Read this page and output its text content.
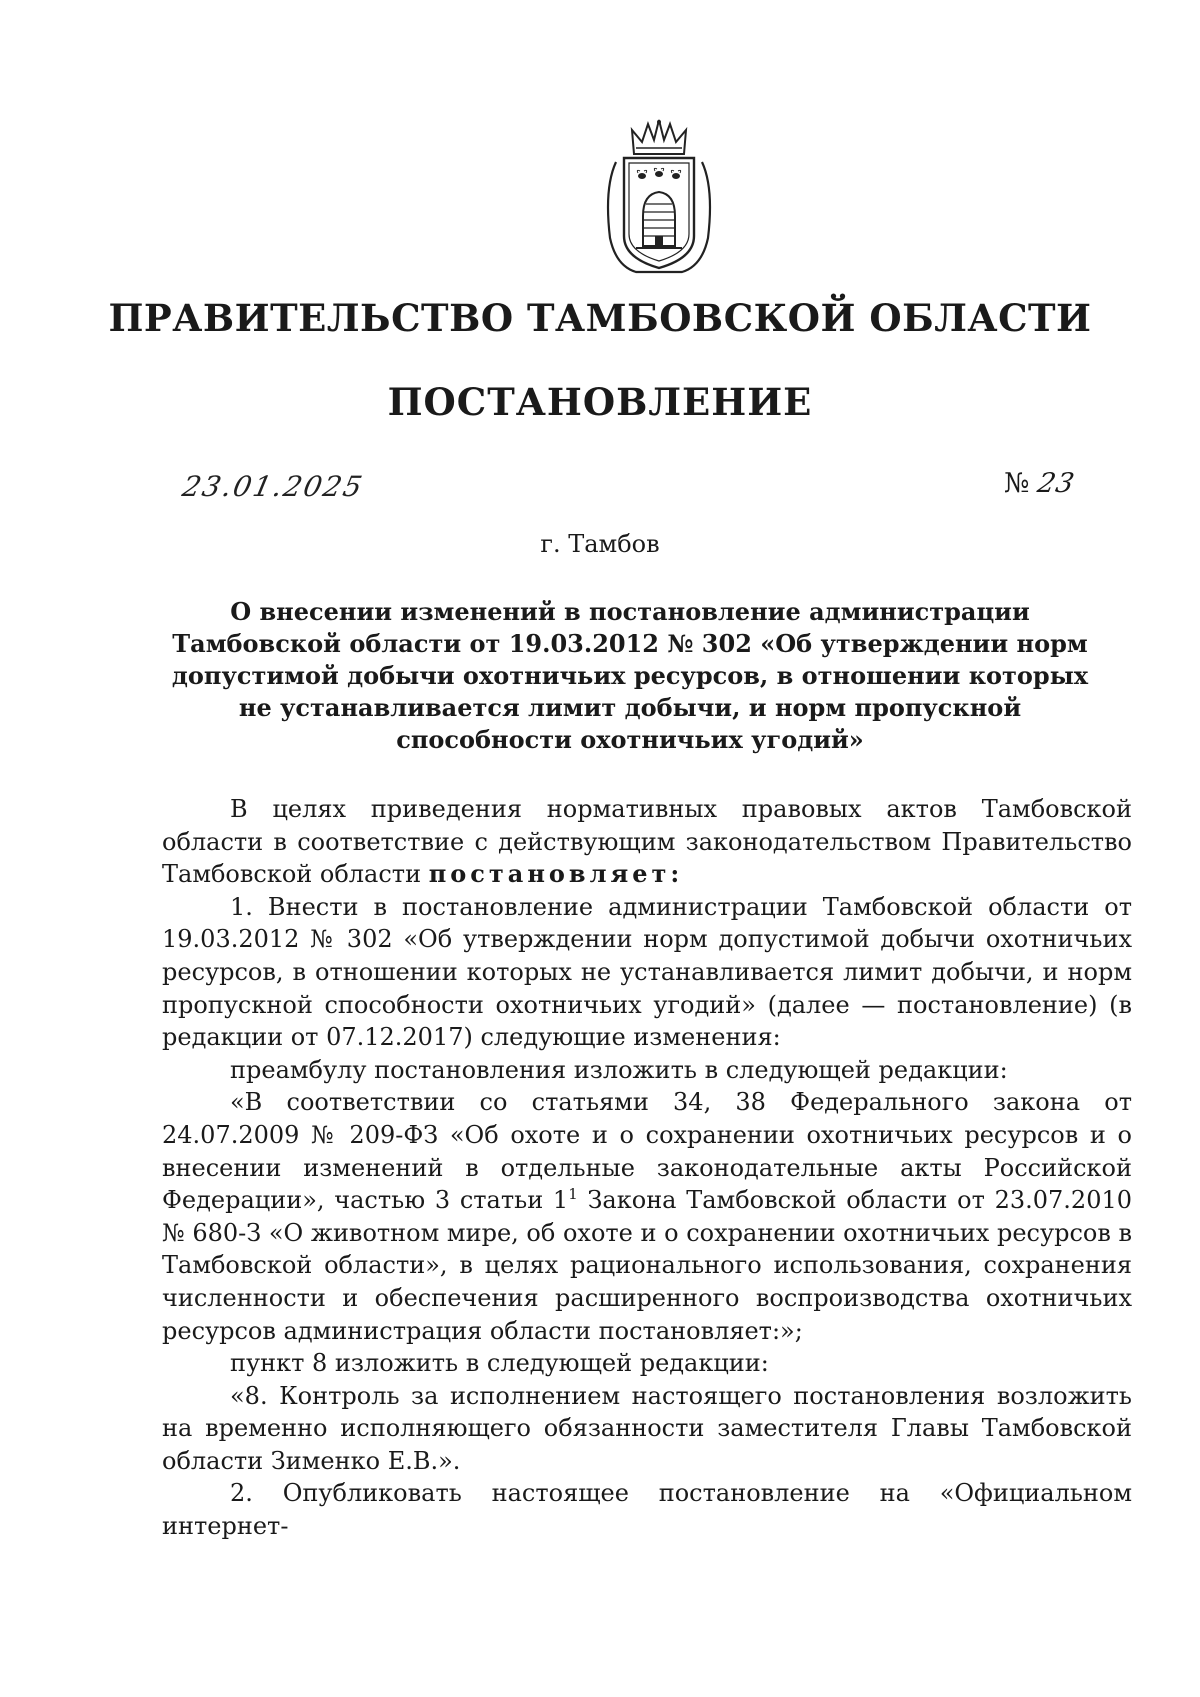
ПРАВИТЕЛЬСТВО ТАМБОВСКОЙ ОБЛАСТИ
ПОСТАНОВЛЕНИЕ
23.01.2025	№ 23
г. Тамбов

О внесении изменений в постановление администрации Тамбовской области от 19.03.2012 № 302 «Об утверждении норм допустимой добычи охотничьих ресурсов, в отношении которых не устанавливается лимит добычи, и норм пропускной способности охотничьих угодий»

В целях приведения нормативных правовых актов Тамбовской области в соответствие с действующим законодательством Правительство Тамбовской области постановляет:

1. Внести в постановление администрации Тамбовской области от 19.03.2012 № 302 «Об утверждении норм допустимой добычи охотничьих ресурсов, в отношении которых не устанавливается лимит добычи, и норм пропускной способности охотничьих угодий» (далее — постановление) (в редакции от 07.12.2017) следующие изменения:

преамбулу постановления изложить в следующей редакции:

«В соответствии со статьями 34, 38 Федерального закона от 24.07.2009 № 209-ФЗ «Об охоте и о сохранении охотничьих ресурсов и о внесении изменений в отдельные законодательные акты Российской Федерации», частью 3 статьи $1^1$ Закона Тамбовской области от 23.07.2010 № 680-З «О животном мире, об охоте и о сохранении охотничьих ресурсов в Тамбовской области», в целях рационального использования, сохранения численности и обеспечения расширенного воспроизводства охотничьих ресурсов администрация области постановляет:»;

пункт 8 изложить в следующей редакции:

«8. Контроль за исполнением настоящего постановления возложить на временно исполняющего обязанности заместителя Главы Тамбовской области Зименко Е.В.».

2. Опубликовать настоящее постановление на «Официальном интернет-
